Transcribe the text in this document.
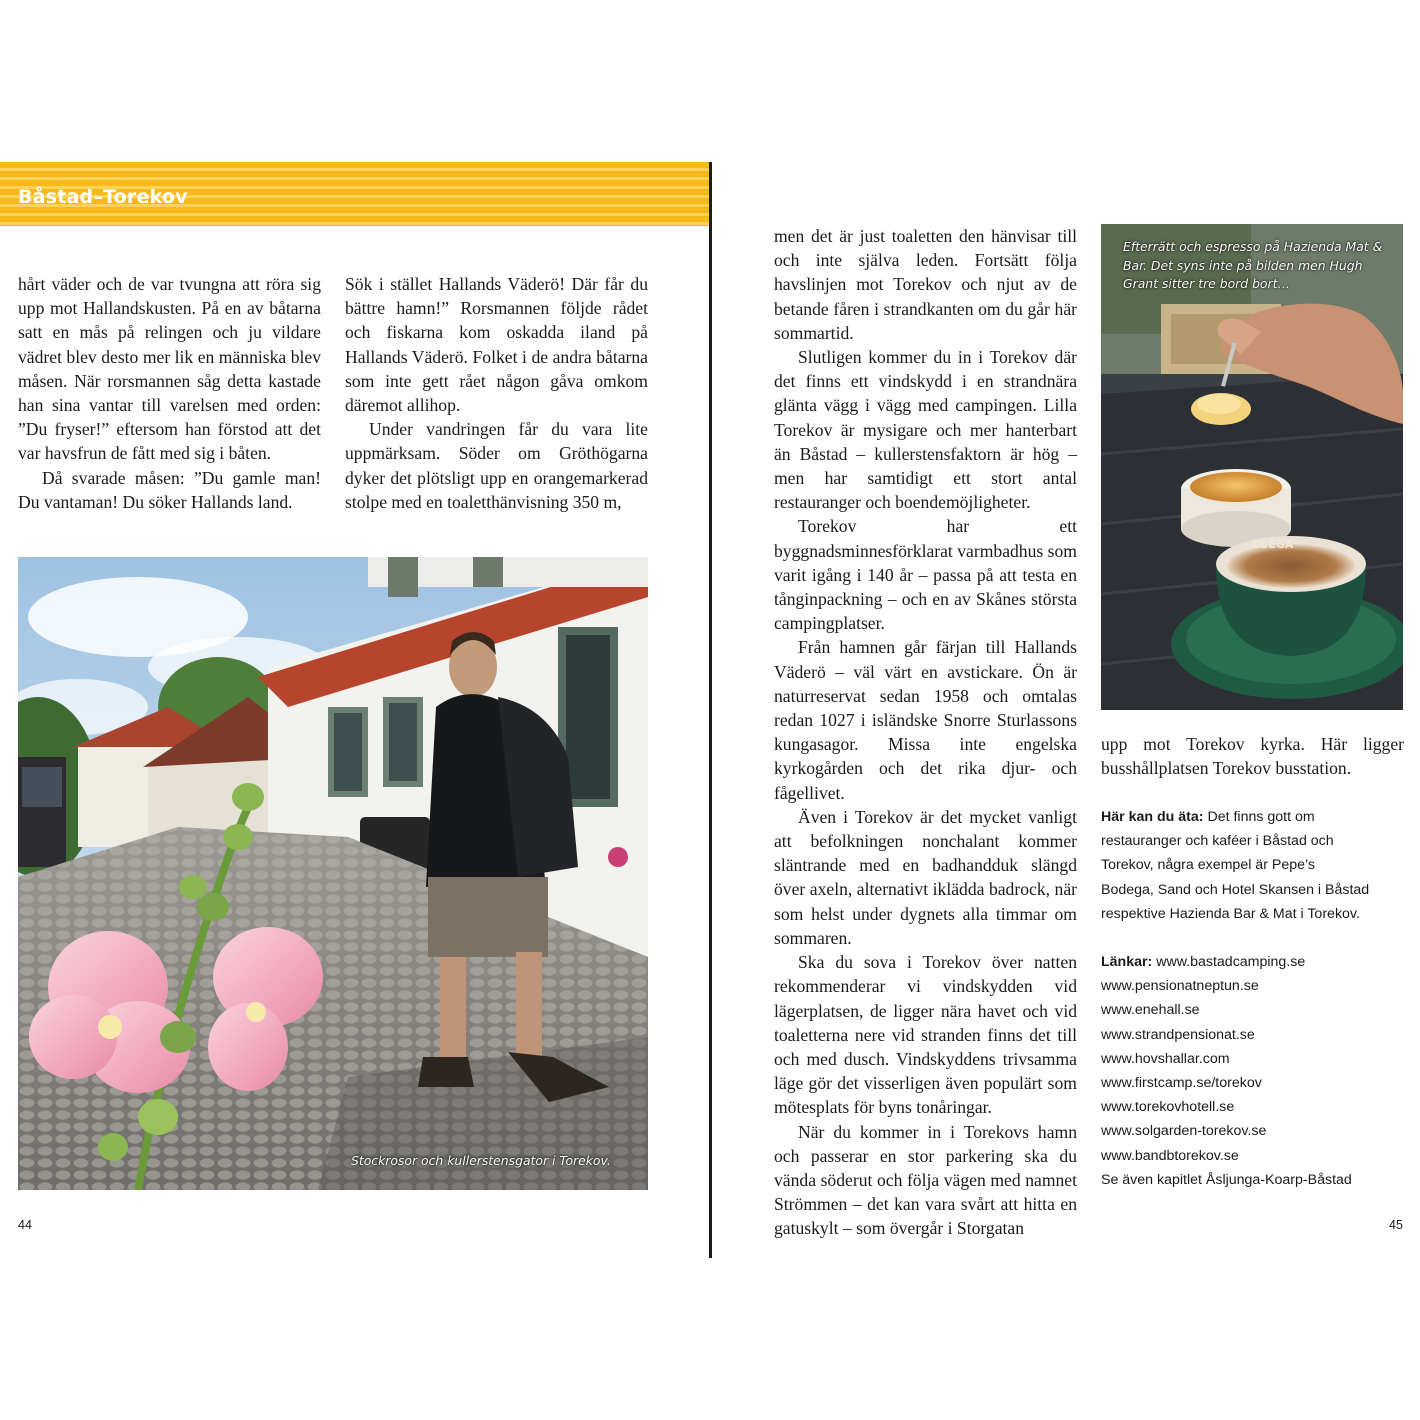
Båstad–Torekov

hårt väder och de var tvungna att röra sig upp mot Hallandskusten. På en av båtarna satt en mås på relingen och ju vildare vädret blev desto mer lik en människa blev måsen. När rorsmannen såg detta kastade han sina vantar till varelsen med orden: ”Du fryser!” eftersom han förstod att det var havsfrun de fått med sig i båten.

Då svarade måsen: ”Du gamle man! Du vantaman! Du söker Hallands land.

Sök i stället Hallands Väderö! Där får du bättre hamn!” Rorsmannen följde rådet och fiskarna kom oskadda iland på Hallands Väderö. Folket i de andra båtarna som inte gett rået någon gåva omkom däremot allihop.

Under vandringen får du vara lite uppmärksam. Söder om Gröthögarna dyker det plötsligt upp en orangemarkerad stolpe med en toaletthänvisning 350 m,

Stockrosor och kullerstensgator i Torekov.
44

men det är just toaletten den hänvisar till och inte själva leden. Fortsätt följa havslinjen mot Torekov och njut av de betande fåren i strandkanten om du går här sommartid.

Slutligen kommer du in i Torekov där det finns ett vindskydd i en strandnära glänta vägg i vägg med campingen. Lilla Torekov är mysigare och mer hanterbart än Båstad – kullerstensfaktorn är hög – men har samtidigt ett stort antal restauranger och boendemöjligheter.

Torekov har ett byggnadsminnesförklarat varmbadhus som varit igång i 140 år – passa på att testa en tånginpackning – och en av Skånes största campingplatser.

Från hamnen går färjan till Hallands Väderö – väl värt en avstickare. Ön är naturreservat sedan 1958 och omtalas redan 1027 i isländske Snorre Sturlassons kungasagor. Missa inte engelska kyrkogården och det rika djur- och fågellivet.

Även i Torekov är det mycket vanligt att befolkningen nonchalant kommer släntrande med en badhandduk slängd över axeln, alternativt iklädda badrock, när som helst under dygnets alla timmar om sommaren.

Ska du sova i Torekov över natten rekommenderar vi vindskydden vid lägerplatsen, de ligger nära havet och vid toaletterna nere vid stranden finns det till och med dusch. Vindskyddens trivsamma läge gör det visserligen även populärt som mötesplats för byns tonåringar.

När du kommer in i Torekovs hamn och passerar en stor parkering ska du vända söderut och följa vägen med namnet Strömmen – det kan vara svårt att hitta en gatuskylt – som övergår i Storgatan

ZOÉGA
Efterrätt och espresso på Hazienda Mat & Bar. Det syns inte på bilden men Hugh Grant sitter tre bord bort…

upp mot Torekov kyrka. Här ligger busshållplatsen Torekov busstation.

Här kan du äta: Det finns gott om
restauranger och kaféer i Båstad och
Torekov, några exempel är Pepe’s
Bodega, Sand och Hotel Skansen i Båstad
respektive Hazienda Bar & Mat i Torekov.
Länkar: www.bastadcamping.se
www.pensionatneptun.se
www.enehall.se
www.strandpensionat.se
www.hovshallar.com
www.firstcamp.se/torekov
www.torekovhotell.se
www.solgarden-torekov.se
www.bandbtorekov.se
Se även kapitlet Åsljunga-Koarp-Båstad
45
